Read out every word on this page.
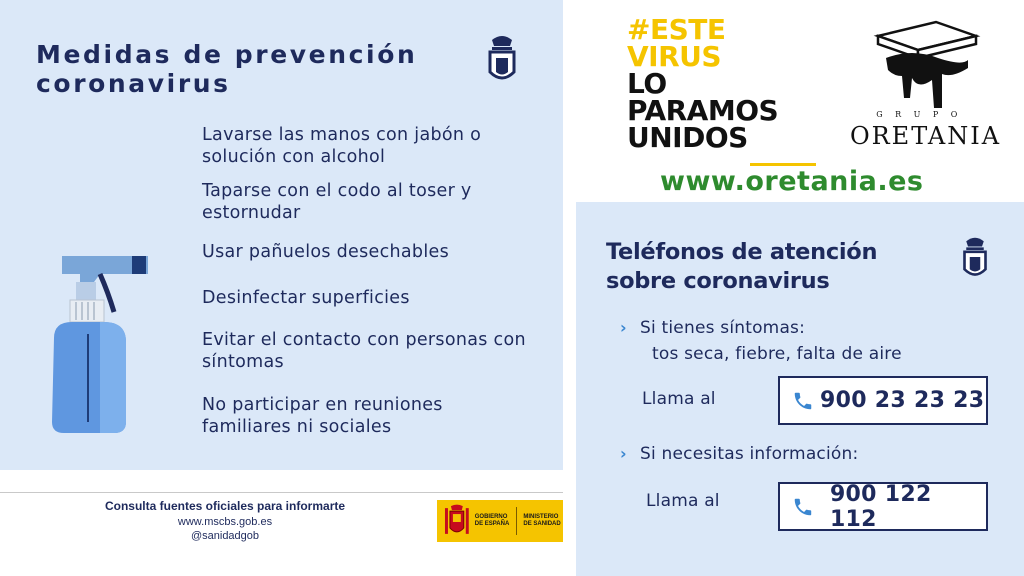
Medidas de prevención coronavirus
Lavarse las manos con jabón o solución con alcohol
Taparse con el codo al toser y estornudar
Usar pañuelos desechables
Desinfectar superficies
Evitar el contacto con personas con síntomas
No participar en reuniones familiares ni sociales
Consulta fuentes oficiales para informarte
www.mscbs.gob.es
@sanidadgob
GOBIERNO DE ESPAÑA
MINISTERIO DE SANIDAD
#ESTE
VIRUS
LO
PARAMOS
UNIDOS
GRUPO
ORETANIA
www.oretania.es
Teléfonos de atención sobre coronavirus
› Si tienes síntomas:
tos seca, fiebre, falta de aire
Llama al	900 23 23 23
› Si necesitas información:
Llama al	900 122 112
